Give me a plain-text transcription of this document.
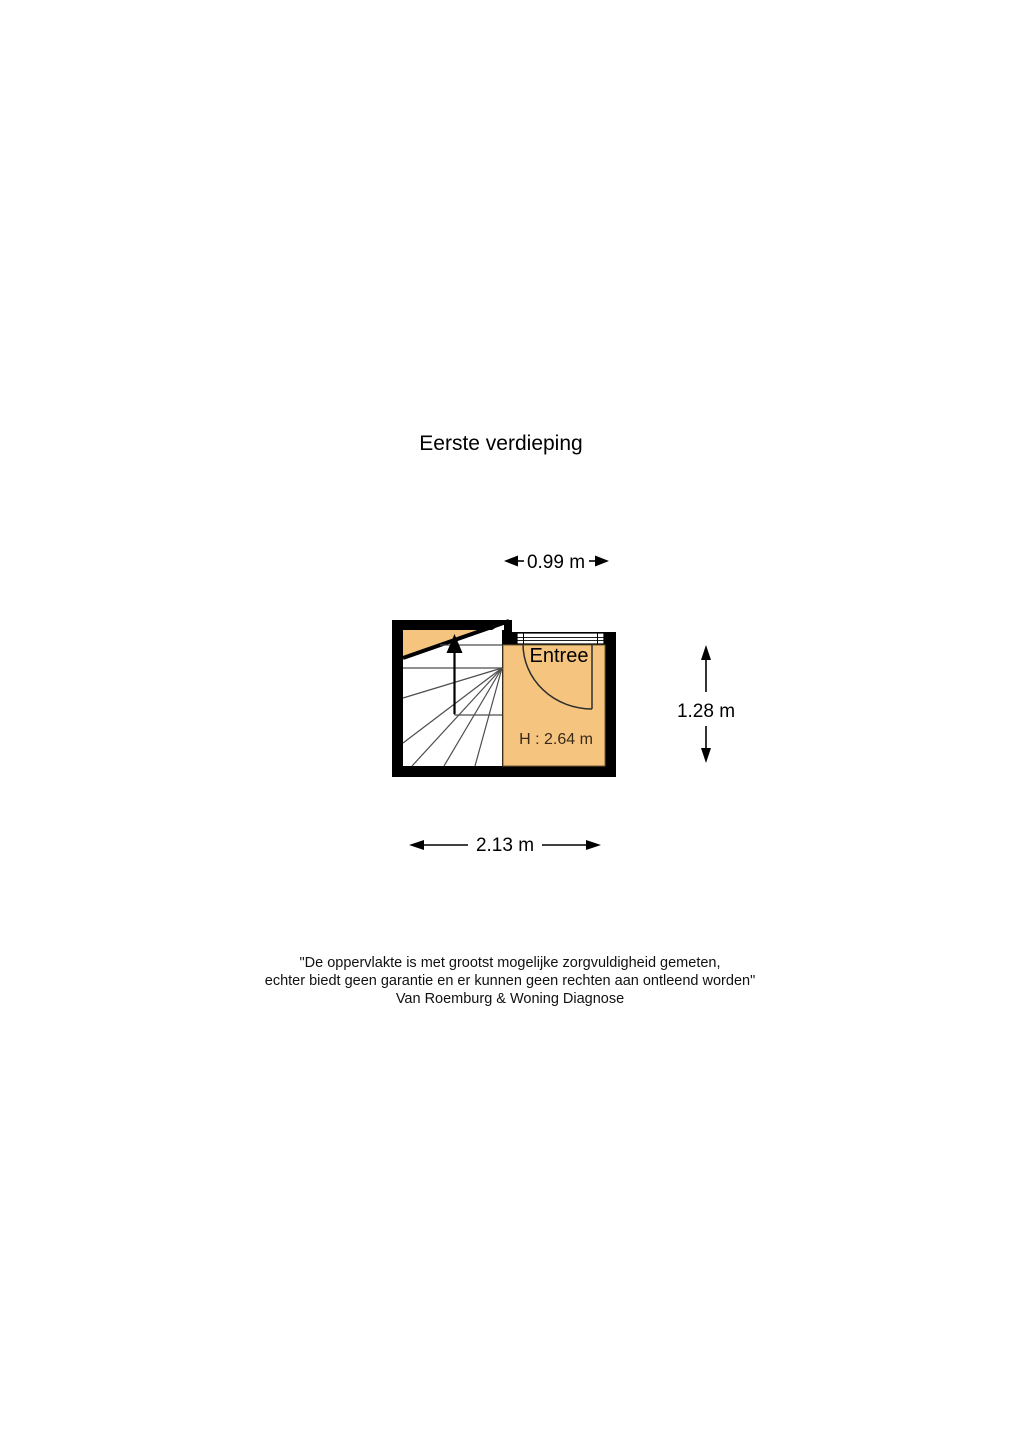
Eerste verdieping
0.99 m
Entree
H : 2.64 m
1.28 m
2.13 m
"De oppervlakte is met grootst mogelijke zorgvuldigheid gemeten,
echter biedt geen garantie en er kunnen geen rechten aan ontleend worden"
Van Roemburg & Woning Diagnose
